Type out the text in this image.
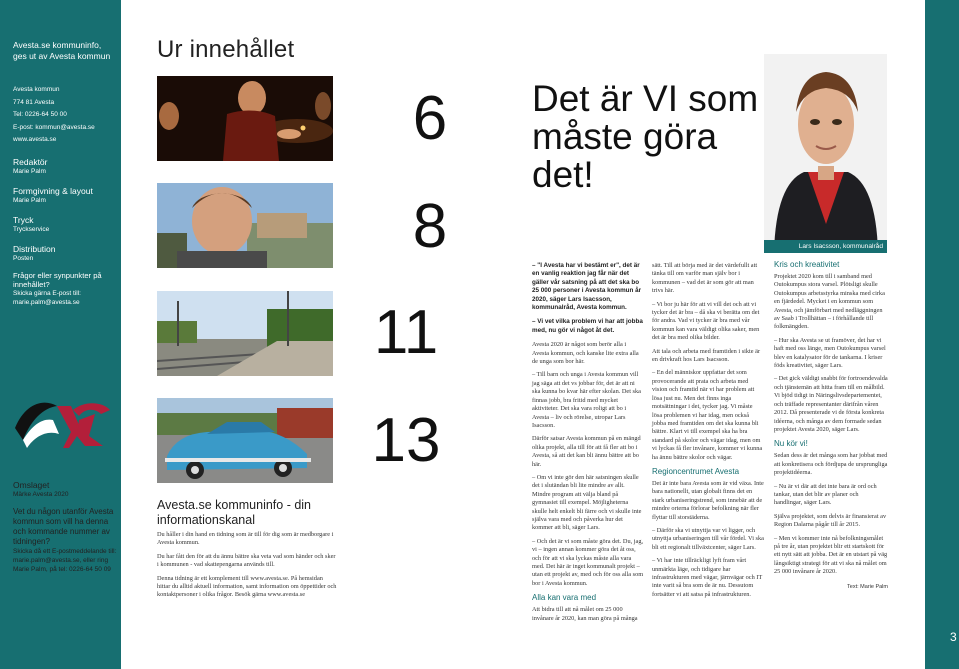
Avesta.se kommuninfo, ges ut av Avesta kommun
Avesta kommun
774 81 Avesta
Tel: 0226-64 50 00
E-post: kommun@avesta.se
www.avesta.se
Redaktör
Marie Palm
Formgivning & layout
Marie Palm
Tryck
Tryckservice
Distribution
Posten
Frågor eller synpunkter på innehållet?
Skicka gärna E-post till: marie.palm@avesta.se
Omslaget
Märke Avesta 2020
Vet du någon utanför Avesta kommun som vill ha denna och kommande nummer av tidningen?
Skicka då ett E-postmeddelande till: marie.palm@avesta.se, eller ring Marie Palm, på tel: 0226-64 50 09
Ur innehållet
Avesta.se kommuninfo - din informationskanal

Du håller i din hand en tidning som är till för dig som är medborgare i Avesta kommun.

Du har fått den för att du ännu bättre ska veta vad som händer och sker i kommunen - vad skattepengarna används till.

Denna tidning är ett komplement till www.avesta.se. På hemsidan hittar du alltid aktuell information, samt information om öppettider och kontaktpersoner i olika frågor. Besök gärna www.avesta.se

6
8
11
13
Det är VI som måste göra det!
Lars Isacsson, kommunalråd
– "I Avesta har vi bestämt er", det är en vanlig reaktion jag får när det gäller vår satsning på att det ska bo 25 000 personer i Avesta kommun år 2020, säger Lars Isacsson, kommunalråd, Avesta kommun.
– Vi vet vilka problem vi har att jobba med, nu gör vi något åt det.

Avesta 2020 är något som berör alla i Avesta kommun, och kanske lite extra alla de unga som bor här.

– Till barn och unga i Avesta kommun vill jag säga att det vs jobbar för, det är att ni ska kunna bo kvar här efter skolan. Det ska finnas jobb, bra fritid med mycket aktiviteter. Det ska vara roligt att bo i Avesta – liv och rörelse, utropar Lars Isacsson.

Därför satsar Avesta kommun på en mängd olika projekt, alla till för att få fler att bo i Avesta, så att det kan bli ännu bättre att bo här.

– Om vi inte gör den här satsningen skulle det i slutändan bli lite mindre av allt. Mindre program att välja bland på gymnasiet till exempel. Möjligheterna skulle helt enkelt bli färre och vi skulle inte själva vara med och påverka hur det kommer att bli, säger Lars.

– Och det är vi som måste göra det. Du, jag, vi – ingen annan kommer göra det åt oss, och för att vi ska lyckas måste alla vara med. Det här är inget kommunalt projekt – utan ett projekt av, med och för oss alla som bor i Avesta kommun.

Alla kan vara med

Att bidra till att nå målet om 25 000 invånare år 2020, kan man göra på många

sätt. Till att börja med är det värdefullt att tänka till om varför man själv bor i kommunen – vad det är som gör att man trivs här.

– Vi bor ju här för att vi vill det och att vi tycker det är bra – då ska vi berätta om det för andra. Vad vi tycker är bra med vår kommun kan vara väldigt olika saker, men det är bra med olika bilder.

Att tala och arbeta med framtiden i sikte är en drivkraft hos Lars Isacsson.

– En del människor uppfattar det som provocerande att prata och arbeta med vision och framtid när vi har problem att lösa just nu. Men det finns inga motsättningar i det, tycker jag. Vi måste lösa problemen vi har idag, men också jobba med framtiden om det ska kunna bli bättre. Klart vi till exempel ska ha bra standard på skolor och vägar idag, men om vi lyckas få fler invånare, kommer vi kunna ha ännu bättre skolor och vägar.

Regioncentrumet Avesta

Det är inte bara Avesta som är vid växa. Inte bara nationellt, utan globalt finns det en stark urbaniseringstrend, som innebär att de mindre orterna förlorar befolkning när fler flyttar till storstäderna.

– Därför ska vi utnyttja var vi ligger, och utnyttja urbaniseringen till vår fördel. Vi ska bli ett regionalt tillväxtcenter, säger Lars.

– Vi har inte tillräckligt lyft fram vårt unmärkta läge, och tidigare har infrastrukturen med vägar, järnvägar och IT inte varit så bra som de är nu. Dessutom fortsätter vi att satsa på infrastrukturen.

Kris och kreativitet

Projektet 2020 kom till i samband med Outokumpus stora varsel. Plötsligt skulle Outokumpus arbetsstyrka minska med cirka en fjärdedel. Mycket i en kommun som Avesta, och jämförbart med nedläggningen av Saab i Trollhättan – i förhållande till folkmängden.

– Hur ska Avesta se ut framöver, det har vi haft med oss länge, men Outokumpus varsel blev en katalysator för de tankarna. I kriser föds kreativitet, säger Lars.

– Det gick väldigt snabbt för fortroendevalda och tjänstemän att hitta fram till en målbild. Vi bjöd tidigt in Näringslivsdepartementet, och träffade representanter därifrån våren 2012. Då presenterade vi de första konkreta idéerna, och många av dem formade sedan projektet Avesta 2020, säger Lars.

Nu kör vi!

Sedan dess är det många som har jobbat med att konkretisera och fördjupa de ursprungliga projektidéerna.

– Nu är vi där att det inte bara är ord och tankar, utan det blir av planer och handlingar, säger Lars.

Själva projektet, som delvis är finansierat av Region Dalarna pågår till år 2015.

– Men vi kommer inte nå befolkningsmålet på tre år, utan projektet blir ett startskott för ett nytt sätt att jobba. Det är en utstart på väg långsiktigt strategi för att vi ska nå målet om 25 000 invånare år 2020.

Text: Marie Palm

3
